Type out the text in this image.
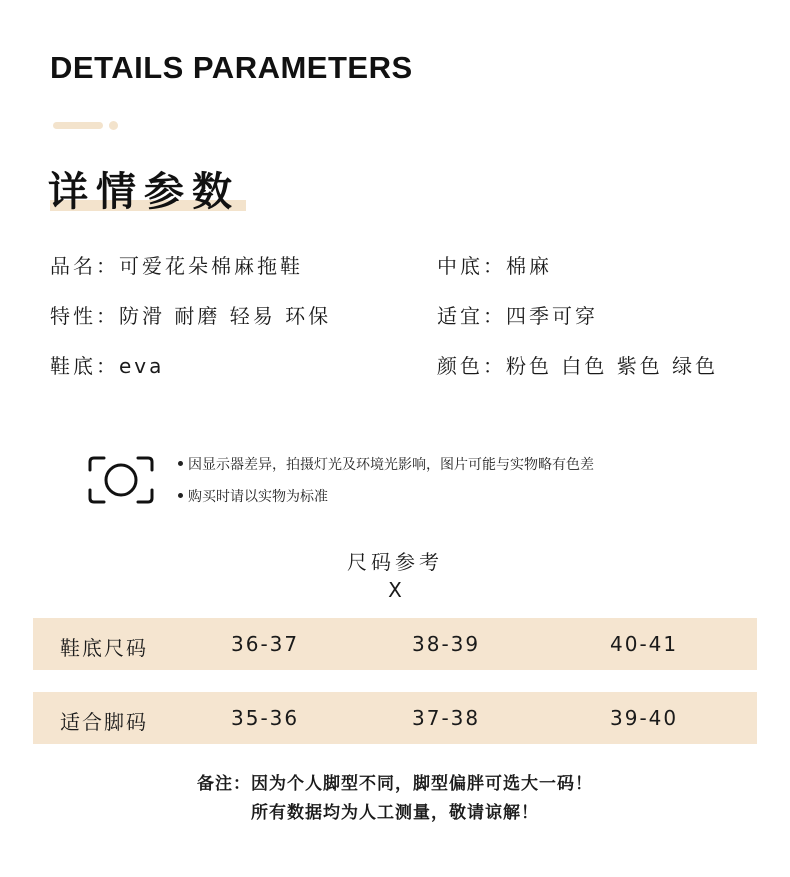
DETAILS PARAMETERS
详情参数
品名：可爱花朵棉麻拖鞋	中底：棉麻
特性：防滑 耐磨 轻易 环保	适宜：四季可穿
鞋底：eva	颜色：粉色 白色 紫色 绿色
因显示器差异，拍摄灯光及环境光影响，图片可能与实物略有色差
购买时请以实物为标准
尺码参考
X
鞋底尺码	36-37	38-39	40-41
适合脚码	35-36	37-38	39-40
备注：因为个人脚型不同，脚型偏胖可选大一码！
所有数据均为人工测量，敬请谅解！
